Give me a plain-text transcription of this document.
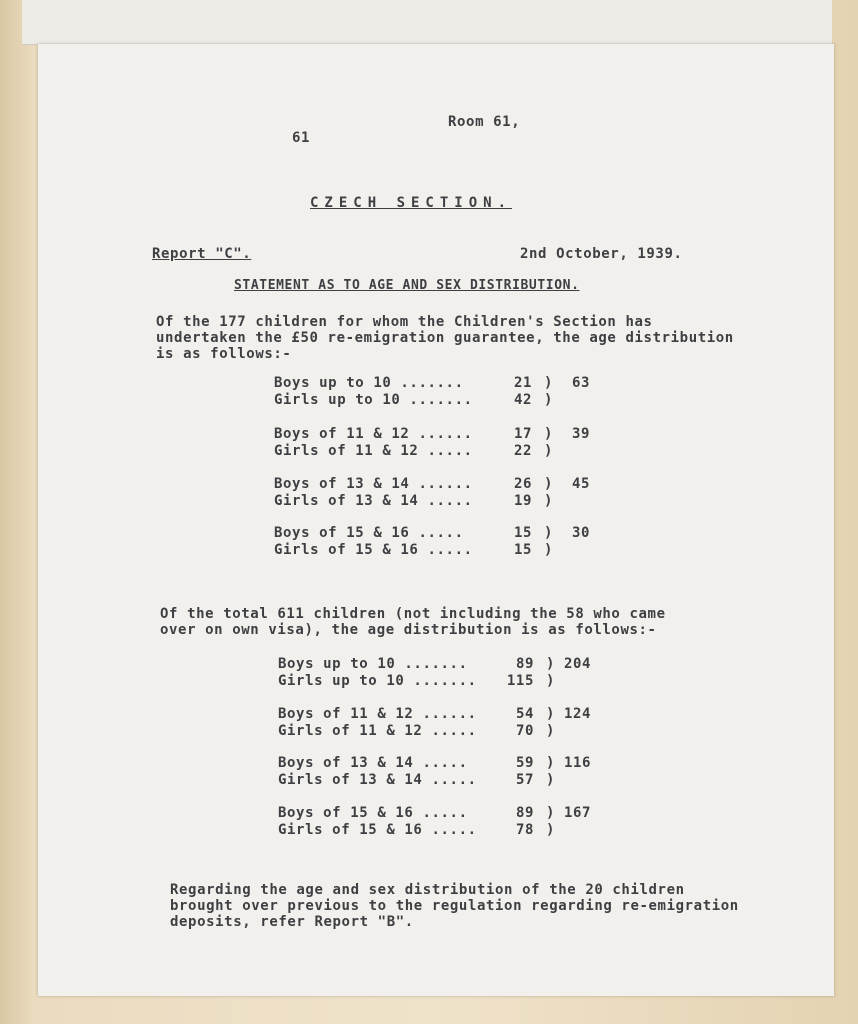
Room 61,
61
CZECH SECTION.
Report "C".	2nd October, 1939.
STATEMENT AS TO AGE AND SEX DISTRIBUTION.
Of the 177 children for whom the Children's Section has
undertaken the £50 re-emigration guarantee, the age distribution
is as follows:-
Boys up to 10 .......	21 ) 63
Girls up to 10 .......	42 )
Boys of 11 & 12 ......	17 ) 39
Girls of 11 & 12 .....	22 )
Boys of 13 & 14 ......	26 ) 45
Girls of 13 & 14 .....	19 )
Boys of 15 & 16 .....	15 ) 30
Girls of 15 & 16 .....	15 )
Of the total 611 children (not including the 58 who came
over on own visa), the age distribution is as follows:-
Boys up to 10 .......	89 ) 204
Girls up to 10 .......	115 )
Boys of 11 & 12 ......	54 ) 124
Girls of 11 & 12 .....	70 )
Boys of 13 & 14 .....	59 ) 116
Girls of 13 & 14 .....	57 )
Boys of 15 & 16 .....	89 ) 167
Girls of 15 & 16 .....	78 )
Regarding the age and sex distribution of the 20 children
brought over previous to the regulation regarding re-emigration
deposits, refer Report "B".
